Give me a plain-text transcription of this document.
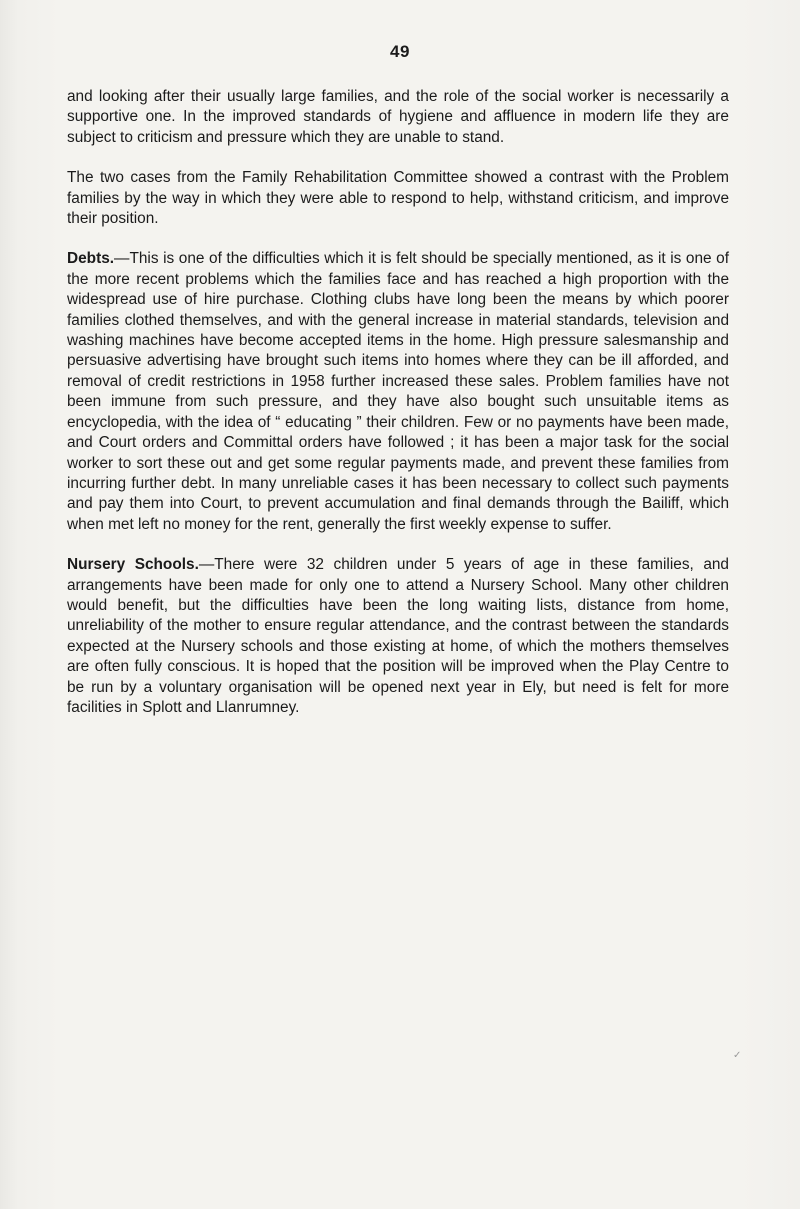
49

and looking after their usually large families, and the role of the social worker is necessarily a supportive one. In the improved standards of hygiene and affluence in modern life they are subject to criticism and pressure which they are unable to stand.

The two cases from the Family Rehabilitation Committee showed a contrast with the Problem families by the way in which they were able to respond to help, withstand criticism, and improve their position.

Debts.—This is one of the difficulties which it is felt should be specially mentioned, as it is one of the more recent problems which the families face and has reached a high proportion with the widespread use of hire purchase. Clothing clubs have long been the means by which poorer families clothed themselves, and with the general increase in material standards, television and washing machines have become accepted items in the home. High pressure salesmanship and persuasive advertising have brought such items into homes where they can be ill afforded, and removal of credit restrictions in 1958 further increased these sales. Problem families have not been immune from such pressure, and they have also bought such unsuitable items as encyclopedia, with the idea of “ educating ” their children. Few or no payments have been made, and Court orders and Committal orders have followed ; it has been a major task for the social worker to sort these out and get some regular payments made, and prevent these families from incurring further debt. In many unreliable cases it has been necessary to collect such payments and pay them into Court, to prevent accumulation and final demands through the Bailiff, which when met left no money for the rent, generally the first weekly expense to suffer.

Nursery Schools.—There were 32 children under 5 years of age in these families, and arrangements have been made for only one to attend a Nursery School. Many other children would benefit, but the difficulties have been the long waiting lists, distance from home, unreliability of the mother to ensure regular attendance, and the contrast between the standards expected at the Nursery schools and those existing at home, of which the mothers themselves are often fully conscious. It is hoped that the position will be improved when the Play Centre to be run by a voluntary organisation will be opened next year in Ely, but need is felt for more facilities in Splott and Llanrumney.

✓
